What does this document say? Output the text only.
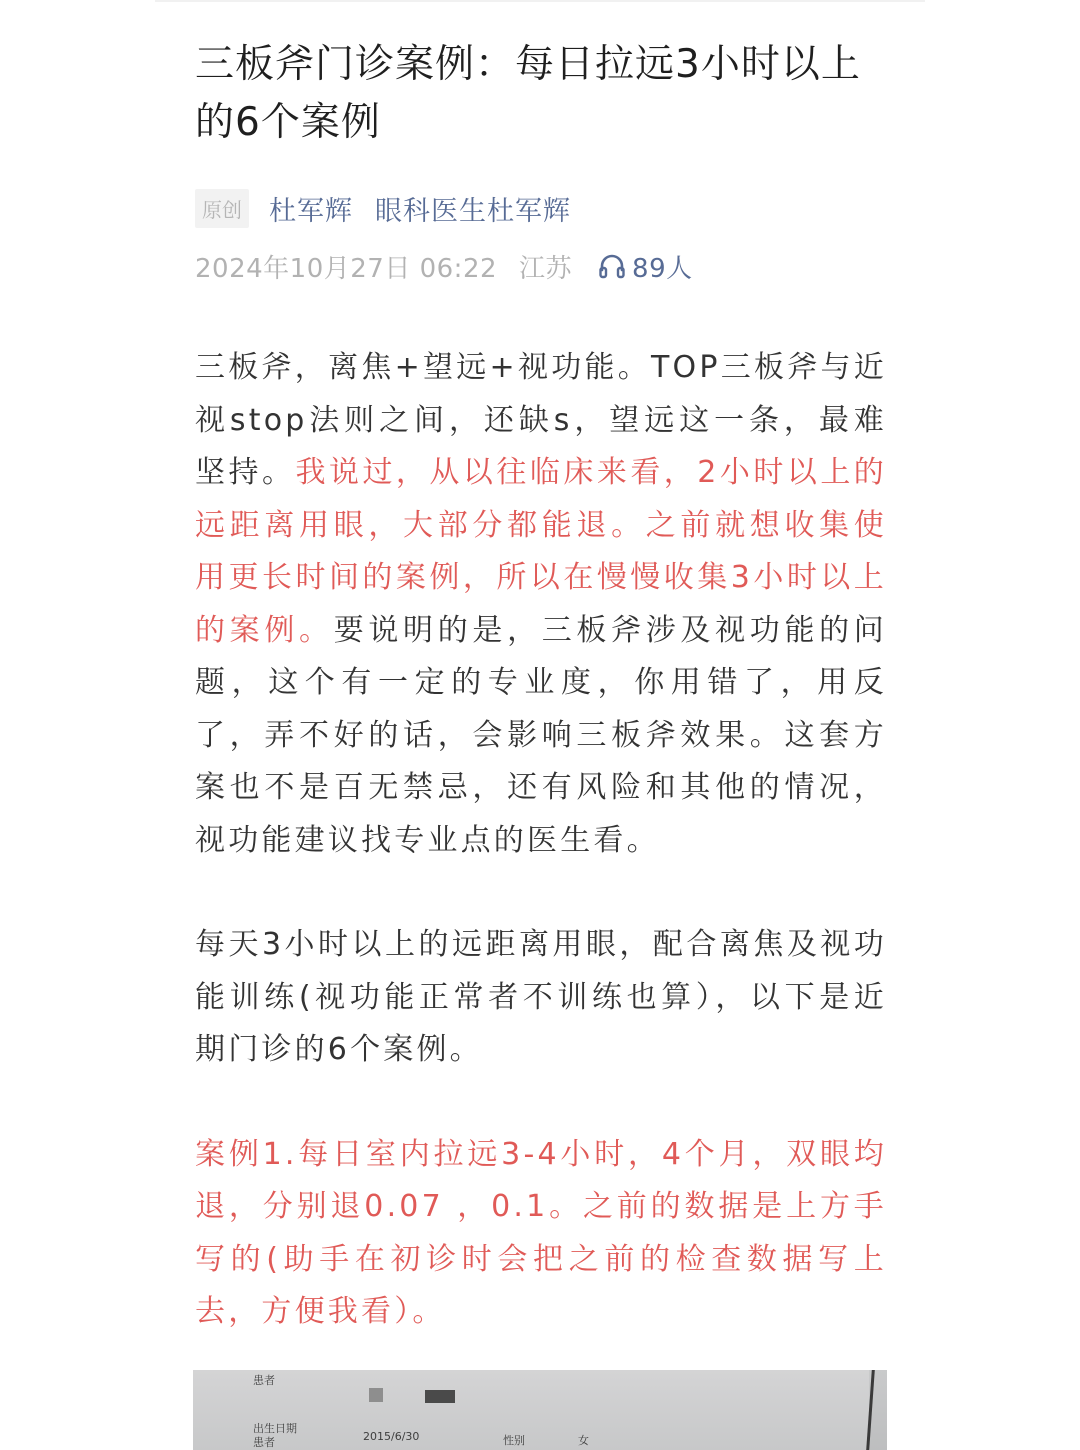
三板斧门诊案例：每日拉远3小时以上的6个案例
原创 杜军辉 眼科医生杜军辉
2024年10月27日 06:22 江苏 89人

三板斧，离焦+望远+视功能。TOP三板斧与近视stop法则之间，还缺s，望远这一条，最难坚持。我说过，从以往临床来看，2小时以上的远距离用眼，大部分都能退。之前就想收集使用更长时间的案例，所以在慢慢收集3小时以上的案例。要说明的是，三板斧涉及视功能的问题，这个有一定的专业度，你用错了，用反了，弄不好的话，会影响三板斧效果。这套方案也不是百无禁忌，还有风险和其他的情况，视功能建议找专业点的医生看。

每天3小时以上的远距离用眼，配合离焦及视功能训练(视功能正常者不训练也算），以下是近期门诊的6个案例。

案例1.每日室内拉远3-4小时，4个月，双眼均退，分别退0.07 ，0.1。之前的数据是上方手写的(助手在初诊时会把之前的检查数据写上去，方便我看）。

患者
出生日期
患者	2015/6/30	性别	女
